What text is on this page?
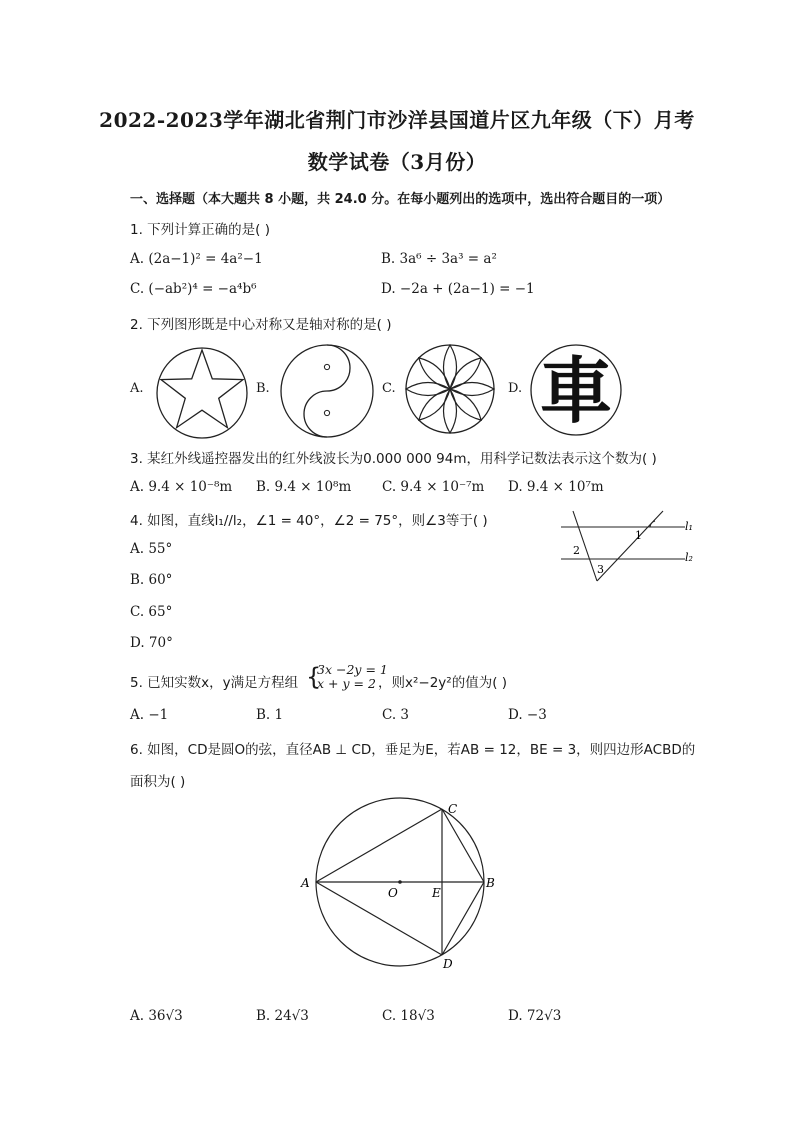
2022-2023学年湖北省荆门市沙洋县国道片区九年级（下）月考
数学试卷（3月份）
一、选择题（本大题共 8 小题，共 24.0 分。在每小题列出的选项中，选出符合题目的一项）
1. 下列计算正确的是( )
A. (2a−1)² = 4a²−1	B. 3a⁶ ÷ 3a³ = a²
C. (−ab²)⁴ = −a⁴b⁶	D. −2a + (2a−1) = −1
2. 下列图形既是中心对称又是轴对称的是( )
A.	B.	C.	D. 車
3. 某红外线遥控器发出的红外线波长为0.000 000 94m，用科学记数法表示这个数为( )
A. 9.4 × 10⁻⁸m B. 9.4 × 10⁸m C. 9.4 × 10⁻⁷m D. 9.4 × 10⁷m
4. 如图，直线l₁//l₂，∠1 = 40°，∠2 = 75°，则∠3等于( )
A. 55°
B. 60°
C. 65°
D. 70°
1
2
3
l₁
l₂
5. 已知实数x，y满足方程组 {
3x −2y = 1
x + y = 2 ，则x²−2y²的值为( )
A. −1	B. 1	C. 3	D. −3
6. 如图，CD是圆O的弦，直径AB ⊥ CD，垂足为E，若AB = 12，BE = 3，则四边形ACBD的
面积为( )
A	B
C
D
O	E
A. 36√3	B. 24√3	C. 18√3	D. 72√3
